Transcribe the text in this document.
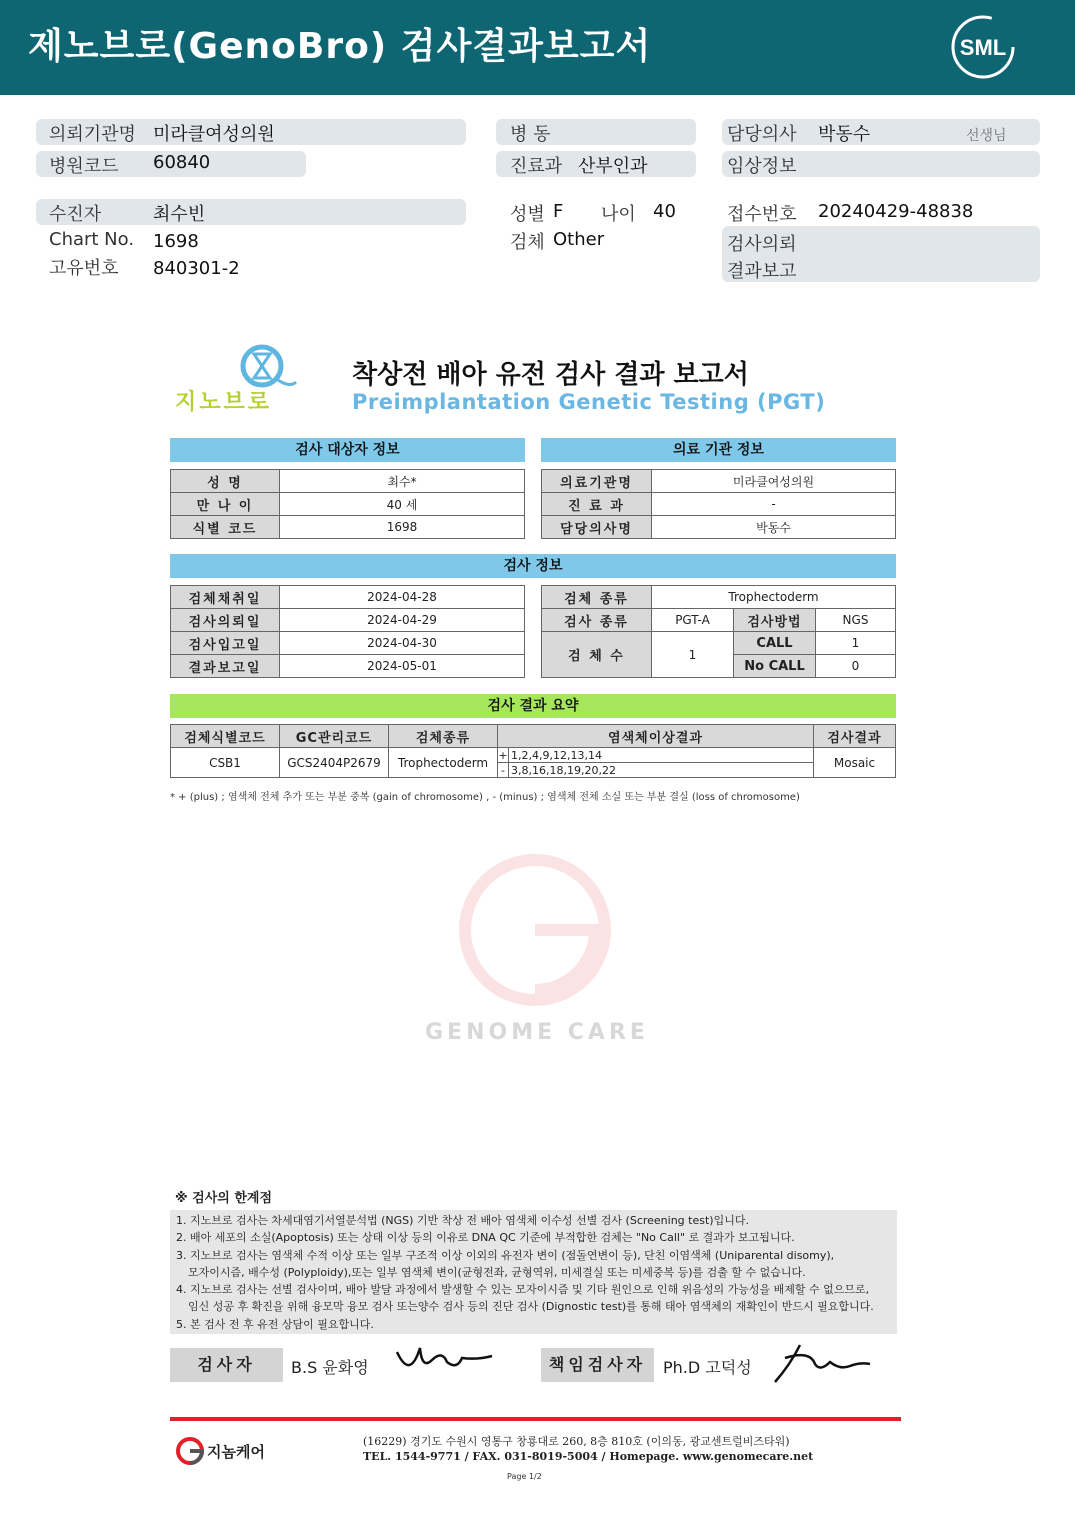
제노브로(GenoBro) 검사결과보고서	SML
의뢰기관명 미라클여성의원
병원코드 60840
병 동
진료과 산부인과
담당의사 박동수	선생님
임상정보
수진자	최수빈
Chart No. 1698
고유번호 840301-2
성별 F 나이 40
검체 Other
접수번호 20240429-48838
검사의뢰
결과보고
지노브로
착상전 배아 유전 검사 결과 보고서
Preimplantation Genetic Testing (PGT)
검사 대상자 정보	의료 기관 정보
성 명	최수*
만 나 이	40 세
식별 코드	1698
의료기관명	미라클여성의원
진 료 과	-
담당의사명	박동수
검사 정보
검체채취일	2024-04-28
검사의뢰일	2024-04-29
검사입고일	2024-04-30
결과보고일	2024-05-01
검체 종류	Trophectoderm		
검사 종류	PGT-A	검사방법	NGS
검 체 수	1	CALL	1
		No CALL	0
검사 결과 요약
검체식별코드	GC관리코드	검체종류	염색체이상결과		검사결과
CSB1	GCS2404P2679	Trophectoderm	+	1,2,4,9,12,13,14	Mosaic
			-	3,8,16,18,19,20,22	
* + (plus) ; 염색체 전체 추가 또는 부분 중복 (gain of chromosome) , - (minus) ; 염색체 전체 소실 또는 부분 결실 (loss of chromosome)
GENOME CARE
※ 검사의 한계점
1. 지노브로 검사는 차세대염기서열분석법 (NGS) 기반 착상 전 배아 염색체 이수성 선별 검사 (Screening test)입니다.
2. 배아 세포의 소실(Apoptosis) 또는 상태 이상 등의 이유로 DNA QC 기준에 부적합한 검체는 "No Call" 로 결과가 보고됩니다.
3. 지노브로 검사는 염색체 수적 이상 또는 일부 구조적 이상 이외의 유전자 변이 (점돌연변이 등), 단친 이염색체 (Uniparental disomy),
모자이시즘, 배수성 (Polyploidy),또는 일부 염색체 변이(균형전좌, 균형역위, 미세결실 또는 미세중복 등)를 검출 할 수 없습니다.
4. 지노브로 검사는 선별 검사이며, 배아 발달 과정에서 발생할 수 있는 모자이시즘 및 기타 원인으로 인해 위음성의 가능성을 배제할 수 없으므로,
임신 성공 후 확진을 위해 융모막 융모 검사 또는양수 검사 등의 진단 검사 (Dignostic test)를 통해 태아 염색체의 재확인이 반드시 필요합니다.
5. 본 검사 전 후 유전 상담이 필요합니다.
검사자	B.S 윤화영	책임검사자	Ph.D 고덕성
지놈케어
(16229) 경기도 수원시 영통구 창룡대로 260, 8층 810호 (이의동, 광교센트럴비즈타워)
TEL. 1544-9771 / FAX. 031-8019-5004 / Homepage. www.genomecare.net
Page 1/2
